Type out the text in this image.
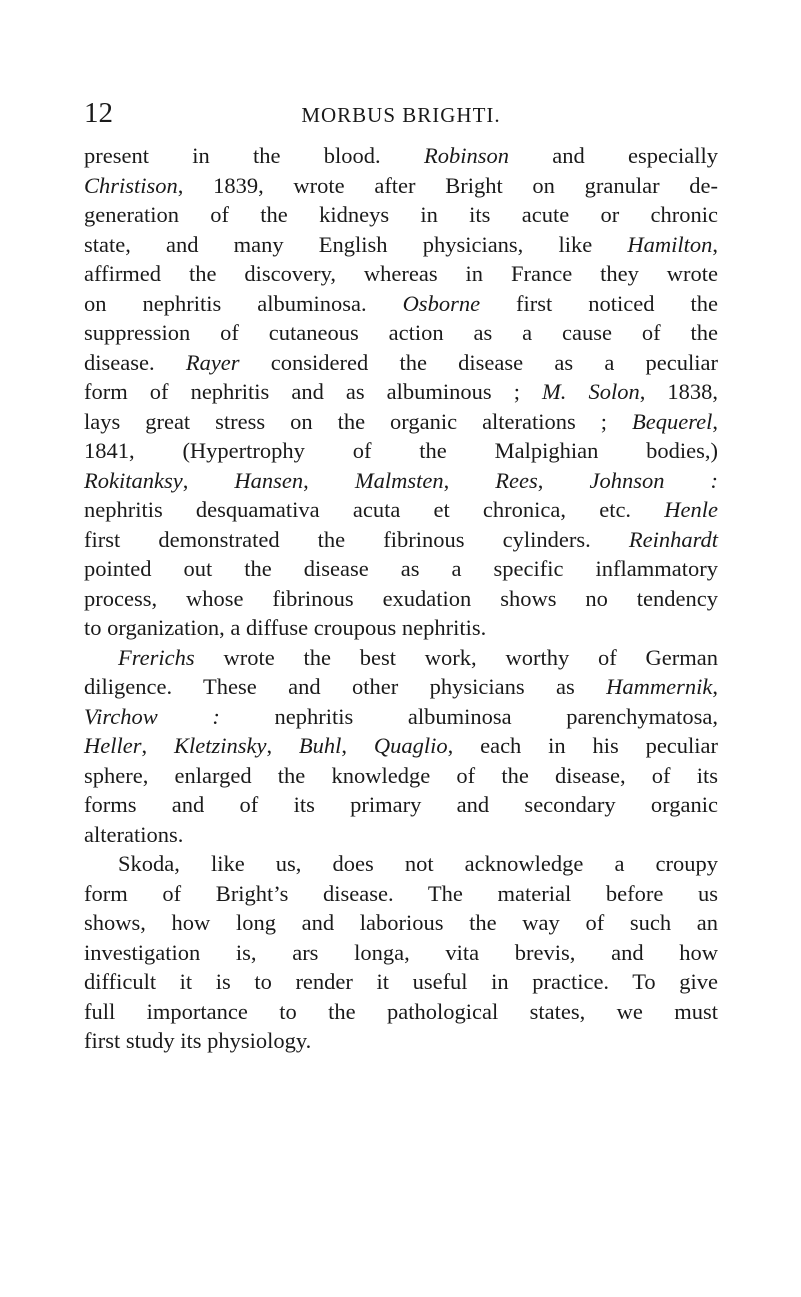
12	MORBUS BRIGHTI.
present in the blood. Robinson and especially
Christison, 1839, wrote after Bright on granular de-
generation of the kidneys in its acute or chronic
state, and many English physicians, like Hamilton,
affirmed the discovery, whereas in France they wrote
on nephritis albuminosa. Osborne first noticed the
suppression of cutaneous action as a cause of the
disease. Rayer considered the disease as a peculiar
form of nephritis and as albuminous ; M. Solon, 1838,
lays great stress on the organic alterations ; Bequerel,
1841, (Hypertrophy of the Malpighian bodies,)
Rokitanksy, Hansen, Malmsten, Rees, Johnson :
nephritis desquamativa acuta et chronica, etc. Henle
first demonstrated the fibrinous cylinders. Reinhardt
pointed out the disease as a specific inflammatory
process, whose fibrinous exudation shows no tendency
to organization, a diffuse croupous nephritis.
Frerichs wrote the best work, worthy of German
diligence. These and other physicians as Hammernik,
Virchow : nephritis albuminosa parenchymatosa,
Heller, Kletzinsky, Buhl, Quaglio, each in his peculiar
sphere, enlarged the knowledge of the disease, of its
forms and of its primary and secondary organic
alterations.
Skoda, like us, does not acknowledge a croupy
form of Bright’s disease. The material before us
shows, how long and laborious the way of such an
investigation is, ars longa, vita brevis, and how
difficult it is to render it useful in practice. To give
full importance to the pathological states, we must
first study its physiology.
